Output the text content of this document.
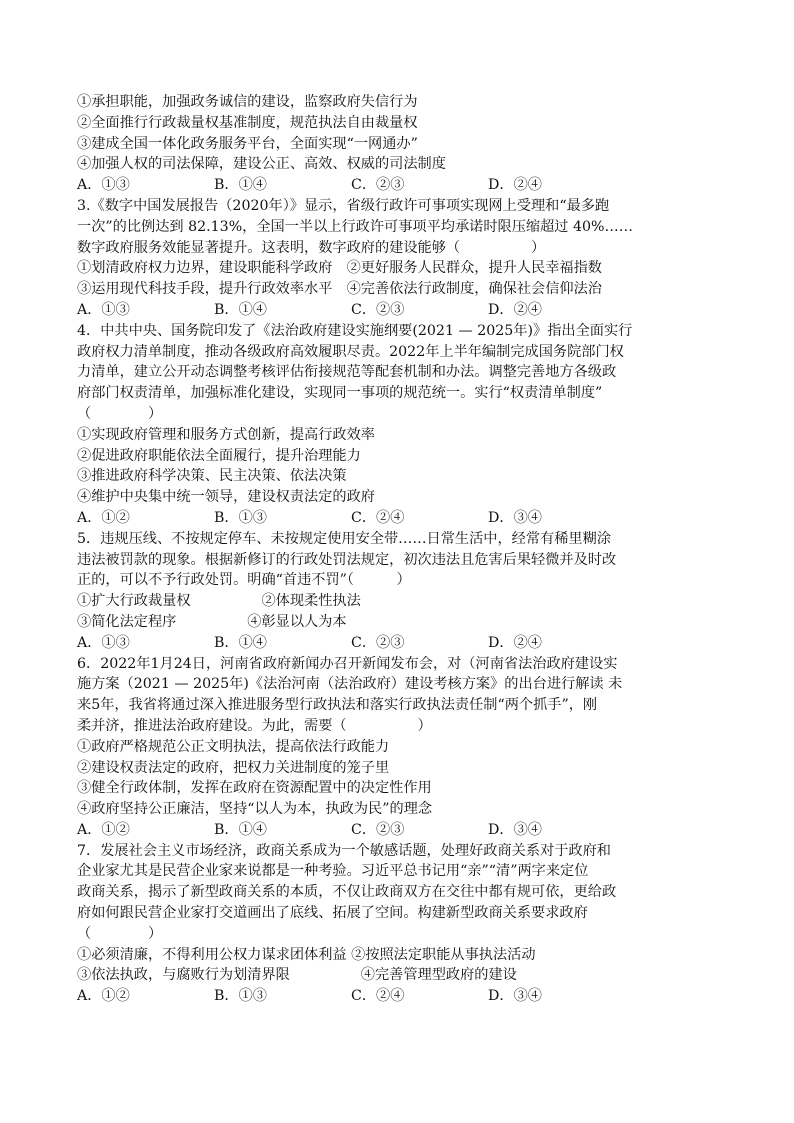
①承担职能，加强政务诚信的建设，监察政府失信行为
②全面推行行政裁量权基准制度，规范执法自由裁量权
③建成全国一体化政务服务平台，全面实现“一网通办”
④加强人权的司法保障，建设公正、高效、权威的司法制度
A．①③	B．①④	C．②③	D．②④
3.《数字中国发展报告（2020年）》显示，省级行政许可事项实现网上受理和“最多跑
一次”的比例达到 82.13%，全国一半以上行政许可事项平均承诺时限压缩超过 40%……
数字政府服务效能显著提升。这表明，数字政府的建设能够（　　　　　）
①划清政府权力边界，建设职能科学政府　②更好服务人民群众，提升人民幸福指数
③运用现代科技手段，提升行政效率水平　④完善依法行政制度，确保社会信仰法治
A．①③	B．①④	C．②③	D．②④
4．中共中央、国务院印发了《法治政府建设实施纲要(2021 — 2025年)》指出全面实行
政府权力清单制度，推动各级政府高效履职尽责。2022年上半年编制完成国务院部门权
力清单，建立公开动态调整考核评估衔接规范等配套机制和办法。调整完善地方各级政
府部门权责清单，加强标准化建设，实现同一事项的规范统一。实行“权责清单制度”
（　　　　）
①实现政府管理和服务方式创新，提高行政效率
②促进政府职能依法全面履行，提升治理能力
③推进政府科学决策、民主决策、依法决策
④维护中央集中统一领导，建设权责法定的政府
A．①②	B．①③	C．②④	D．③④
5．违规压线、不按规定停车、未按规定使用安全带……日常生活中，经常有稀里糊涂
违法被罚款的现象。根据新修订的行政处罚法规定，初次违法且危害后果轻微并及时改
正的，可以不予行政处罚。明确“首违不罚”（　　　）
①扩大行政裁量权　　　　　②体现柔性执法
③简化法定程序　　　　　④彰显以人为本
A．①③	B．①④	C．②③	D．②④
6．2022年1月24日，河南省政府新闻办召开新闻发布会，对（河南省法治政府建设实
施方案（2021 — 2025年)《法治河南（法治政府）建设考核方案》的出台进行解读 未
来5年，我省将通过深入推进服务型行政执法和落实行政执法责任制“两个抓手”，刚
柔并济，推进法治政府建设。为此，需要（　　　　　）
①政府严格规范公正文明执法，提高依法行政能力
②建设权责法定的政府，把权力关进制度的笼子里
③健全行政体制，发挥在政府在资源配置中的决定性作用
④政府坚持公正廉洁，坚持“以人为本，执政为民”的理念
A．①②	B．①④	C．②③	D．③④
7．发展社会主义市场经济，政商关系成为一个敏感话题，处理好政商关系对于政府和
企业家尤其是民营企业家来说都是一种考验。习近平总书记用“亲”“清”两字来定位
政商关系，揭示了新型政商关系的本质，不仅让政商双方在交往中都有规可依，更给政
府如何跟民营企业家打交道画出了底线、拓展了空间。构建新型政商关系要求政府
（　　　　）
①必须清廉，不得利用公权力谋求团体利益 ②按照法定职能从事执法活动
③依法执政，与腐败行为划清界限　　　　　④完善管理型政府的建设
A．①②	B．①③	C．②④	D．③④
